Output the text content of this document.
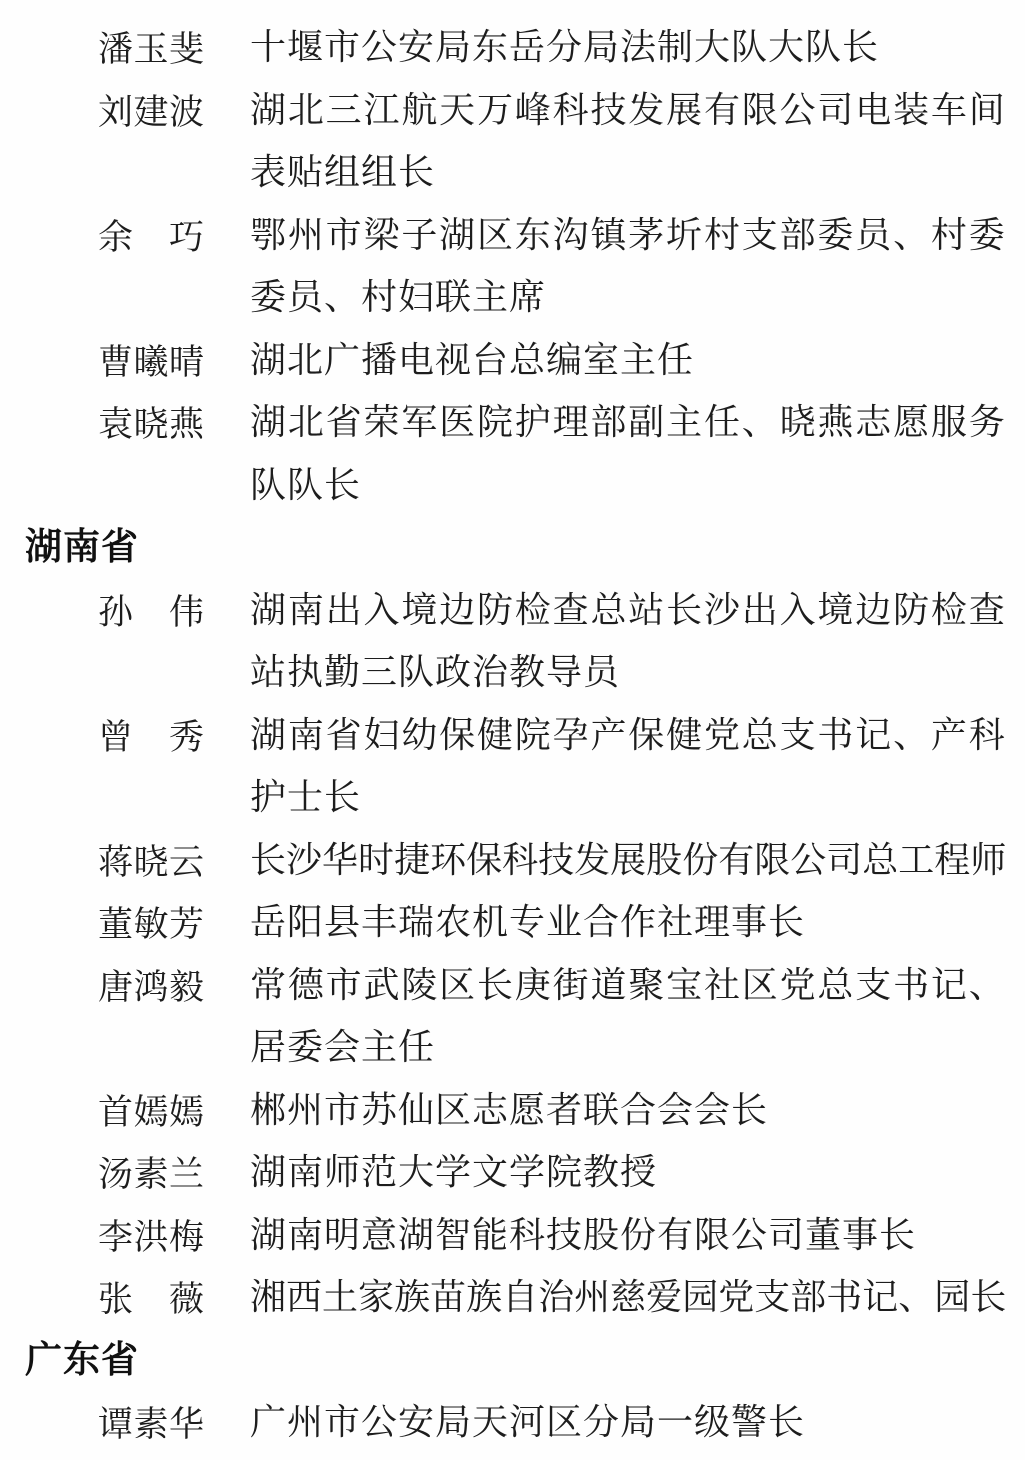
潘 玉 斐 十堰市公安局东岳分局法制大队大队长
刘 建 波 湖 北 三 江 航 天 万 峰 科 技 发 展 有 限 公 司 电 装 车 间
表贴组组长
余 巧 鄂 州 市 梁 子 湖 区 东 沟 镇 茅 圻 村 支 部 委 员 、 村 委
委员、村妇联主席
曹 曦 晴 湖北广播电视台总编室主任
袁 晓 燕 湖 北 省 荣 军 医 院 护 理 部 副 主 任 、 晓 燕 志 愿 服 务
队队长
湖南省
孙 伟 湖 南 出 入 境 边 防 检 查 总 站 长 沙 出 入 境 边 防 检 查
站执勤三队政治教导员
曾 秀 湖 南 省 妇 幼 保 健 院 孕 产 保 健 党 总 支 书 记 、 产 科
护士长
蒋 晓 云 长 沙 华 时 捷 环 保 科 技 发 展 股 份 有 限 公 司 总 工 程 师
董 敏 芳 岳阳县丰瑞农机专业合作社理事长
唐 鸿 毅 常 德 市 武 陵 区 长 庚 街 道 聚 宝 社 区 党 总 支 书 记 、
居委会主任
首 嫣 嫣 郴州市苏仙区志愿者联合会会长
汤 素 兰 湖南师范大学文学院教授
李 洪 梅 湖南明意湖智能科技股份有限公司董事长
张 薇 湘 西 土 家 族 苗 族 自 治 州 慈 爱 园 党 支 部 书 记 、 园 长
广东省
谭 素 华 广州市公安局天河区分局一级警长
